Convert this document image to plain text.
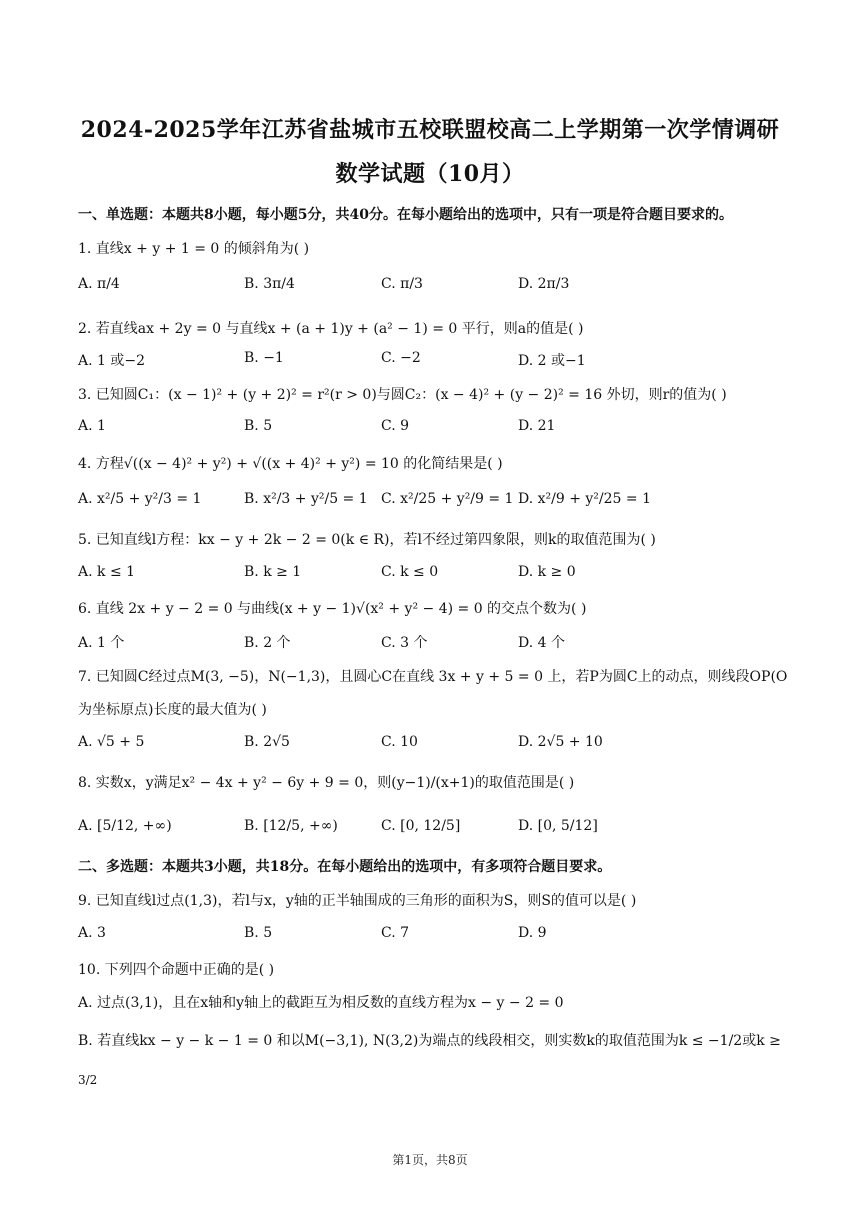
2024-2025学年江苏省盐城市五校联盟校高二上学期第一次学情调研
数学试题（10月）
一、单选题：本题共8小题，每小题5分，共40分。在每小题给出的选项中，只有一项是符合题目要求的。
1. 直线x + y + 1 = 0 的倾斜角为( )
A. π/4	B. 3π/4	C. π/3	D. 2π/3
2. 若直线ax + 2y = 0 与直线x + (a + 1)y + (a² − 1) = 0 平行，则a的值是( )
A. 1 或−2	B. −1	C. −2	D. 2 或−1
3. 已知圆C₁：(x − 1)² + (y + 2)² = r²(r > 0)与圆C₂：(x − 4)² + (y − 2)² = 16 外切，则r的值为( )
A. 1	B. 5	C. 9	D. 21
4. 方程√((x − 4)² + y²) + √((x + 4)² + y²) = 10 的化简结果是( )
A. x²/5 + y²/3 = 1	B. x²/3 + y²/5 = 1 C. x²/25 + y²/9 = 1 D. x²/9 + y²/25 = 1
5. 已知直线l方程：kx − y + 2k − 2 = 0(k ∈ R)，若l不经过第四象限，则k的取值范围为( )
A. k ≤ 1	B. k ≥ 1	C. k ≤ 0	D. k ≥ 0
6. 直线 2x + y − 2 = 0 与曲线(x + y − 1)√(x² + y² − 4) = 0 的交点个数为( )
A. 1 个	B. 2 个	C. 3 个	D. 4 个
7. 已知圆C经过点M(3, −5)，N(−1,3)，且圆心C在直线 3x + y + 5 = 0 上，若P为圆C上的动点，则线段OP(O
为坐标原点)长度的最大值为( )
A. √5 + 5	B. 2√5	C. 10	D. 2√5 + 10
8. 实数x，y满足x² − 4x + y² − 6y + 9 = 0，则(y−1)/(x+1)的取值范围是( )
A. [5/12, +∞)	B. [12/5, +∞)	C. [0, 12/5]	D. [0, 5/12]
二、多选题：本题共3小题，共18分。在每小题给出的选项中，有多项符合题目要求。
9. 已知直线l过点(1,3)，若l与x，y轴的正半轴围成的三角形的面积为S，则S的值可以是( )
A. 3	B. 5	C. 7	D. 9
10. 下列四个命题中正确的是( )
A. 过点(3,1)，且在x轴和y轴上的截距互为相反数的直线方程为x − y − 2 = 0
B. 若直线kx − y − k − 1 = 0 和以M(−3,1), N(3,2)为端点的线段相交，则实数k的取值范围为k ≤ −1/2或k ≥
3/2
第1页，共8页
